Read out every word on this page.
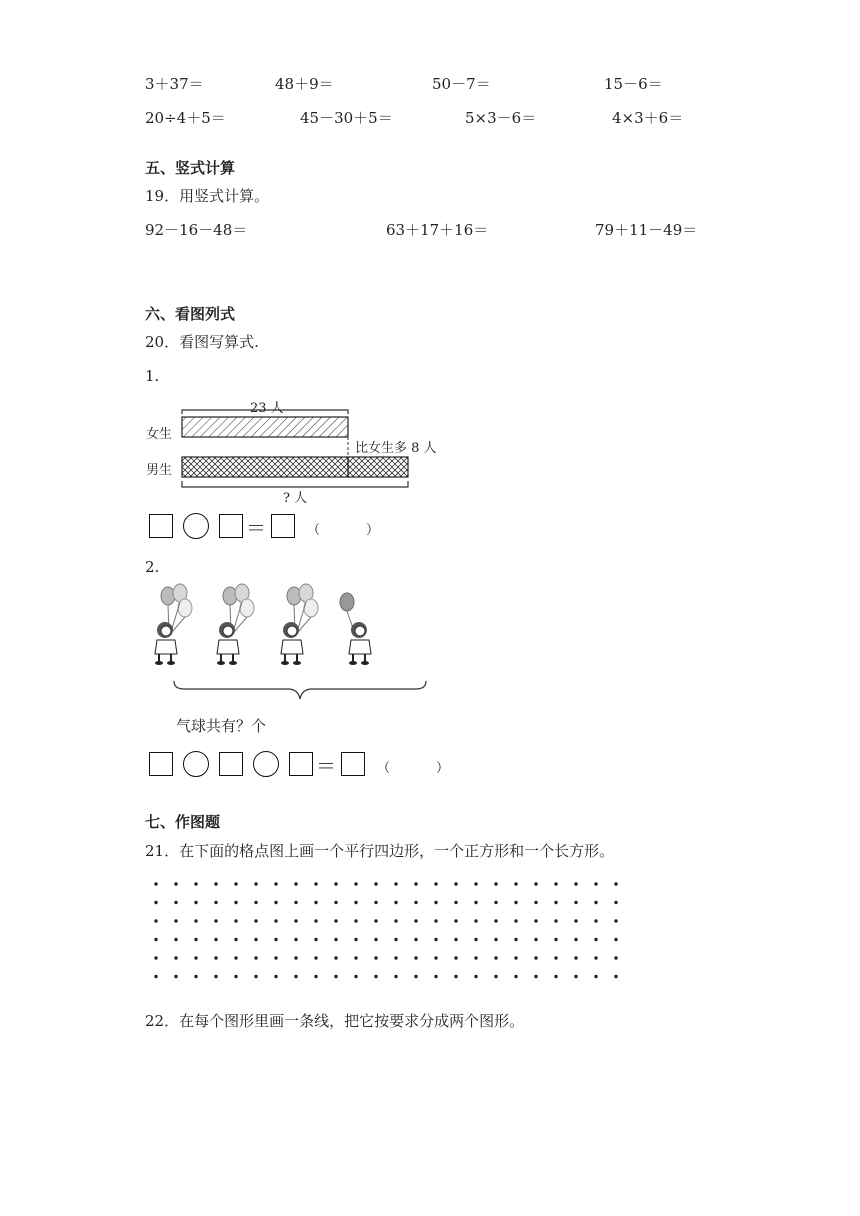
3＋37＝	48＋9＝	50－7＝	15－6＝
20÷4＋5＝	45－30＋5＝	5×3－6＝	4×3＋6＝
五、竖式计算
19．用竖式计算。
92－16－48＝	63＋17＋16＝	79＋11－49＝
六、看图列式
20．看图写算式.
1.
23 人
女生
男生
比女生多 8 人
? 人
＝	（	）
2.
气球共有？个
＝	（	）
七、作图题
21．在下面的格点图上画一个平行四边形，一个正方形和一个长方形。
22．在每个图形里画一条线，把它按要求分成两个图形。
